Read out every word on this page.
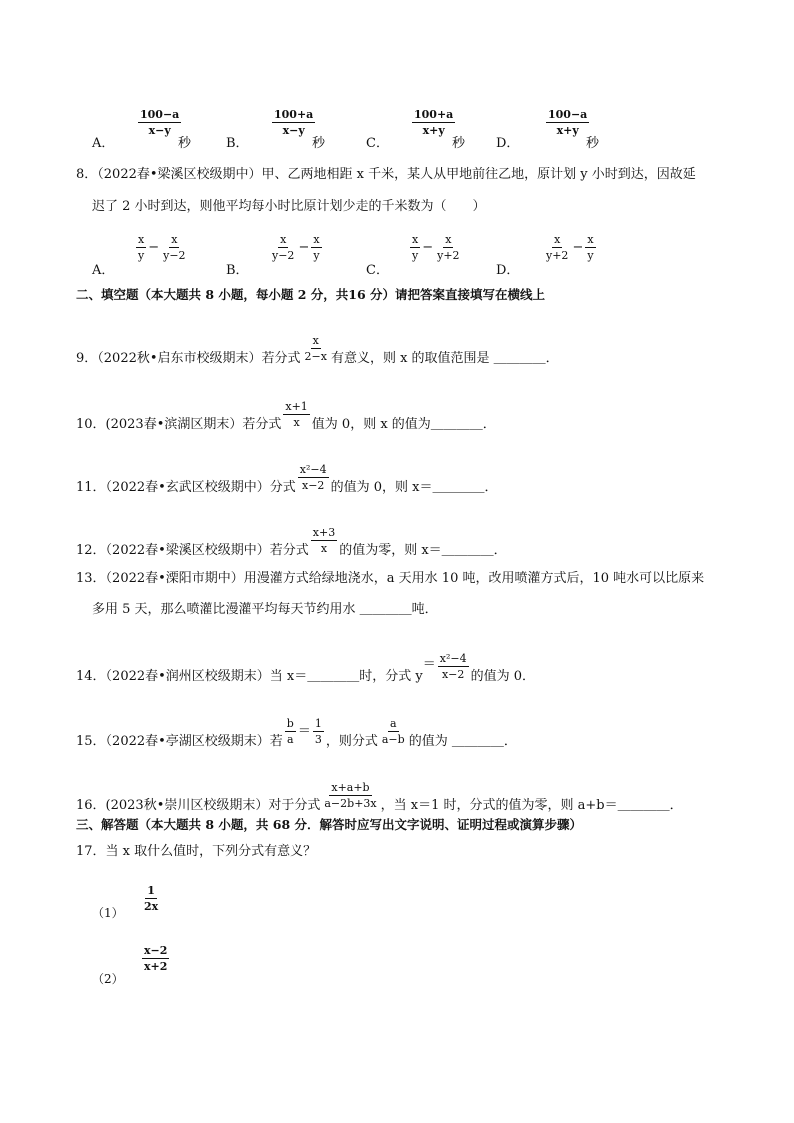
A．
$\frac{100-a}{x-y}$
秒	B．
$\frac{100+a}{x-y}$
秒	C．
$\frac{100+a}{x+y}$
秒 D．
$\frac{100-a}{x+y}$
秒
8．（2022春•梁溪区校级期中）甲、乙两地相距 x 千米，某人从甲地前往乙地，原计划 y 小时到达，因故延
迟了 2 小时到达，则他平均每小时比原计划少走的千米数为（　　）
A．
$\frac{x}{y} - \frac{x}{y-2}$
B．
$\frac{x}{y-2} - \frac{x}{y}$
C．
$\frac{x}{y} - \frac{x}{y+2}$
D．
$\frac{x}{y+2} - \frac{x}{y}$
二、填空题（本大题共 8 小题，每小题 2 分，共16 分）请把答案直接填写在横线上
9．（2022秋•启东市校级期末）若分式 $\frac{x}{2-x}$ 有意义，则 x 的取值范围是 ＿＿＿＿．
10．(2023春•滨湖区期末）若分式 $\frac{x+1}{x}$ 值为 0，则 x 的值为＿＿＿＿．
11．（2022春•玄武区校级期中）分式 $\frac{\text{x²−4}}{x-2}$ 的值为 0，则 x＝＿＿＿＿．
12．（2022春•梁溪区校级期中）若分式 $\frac{x+3}{x}$ 的值为零，则 x＝＿＿＿＿．
13．（2022春•溧阳市期中）用漫灌方式给绿地浇水，a 天用水 10 吨，改用喷灌方式后，10 吨水可以比原来
多用 5 天，那么喷灌比漫灌平均每天节约用水 ＿＿＿＿吨．
14．（2022春•润州区校级期末）当 x＝＿＿＿＿时，分式 $y= \frac{\text{x²−4}}{x-2}$ 的值为 0．
15．（2022春•亭湖区校级期末）若 $\frac{b}{a} = \frac{1}{3}$ ，则分式 $\frac{a}{a-b}$ 的值为 ＿＿＿＿．
16．(2023秋•崇川区校级期末）对于分式 $\frac{x+a+b}{a-2b+3x}$ ，当 x＝1 时，分式的值为零，则 a+b＝＿＿＿＿．
三、解答题（本大题共 8 小题，共 68 分．解答时应写出文字说明、证明过程或演算步骤）
17．当 x 取什么值时，下列分式有意义？
$(1) \frac{1}{2x}$
（2）
$\frac{x-2}{x+2}$
